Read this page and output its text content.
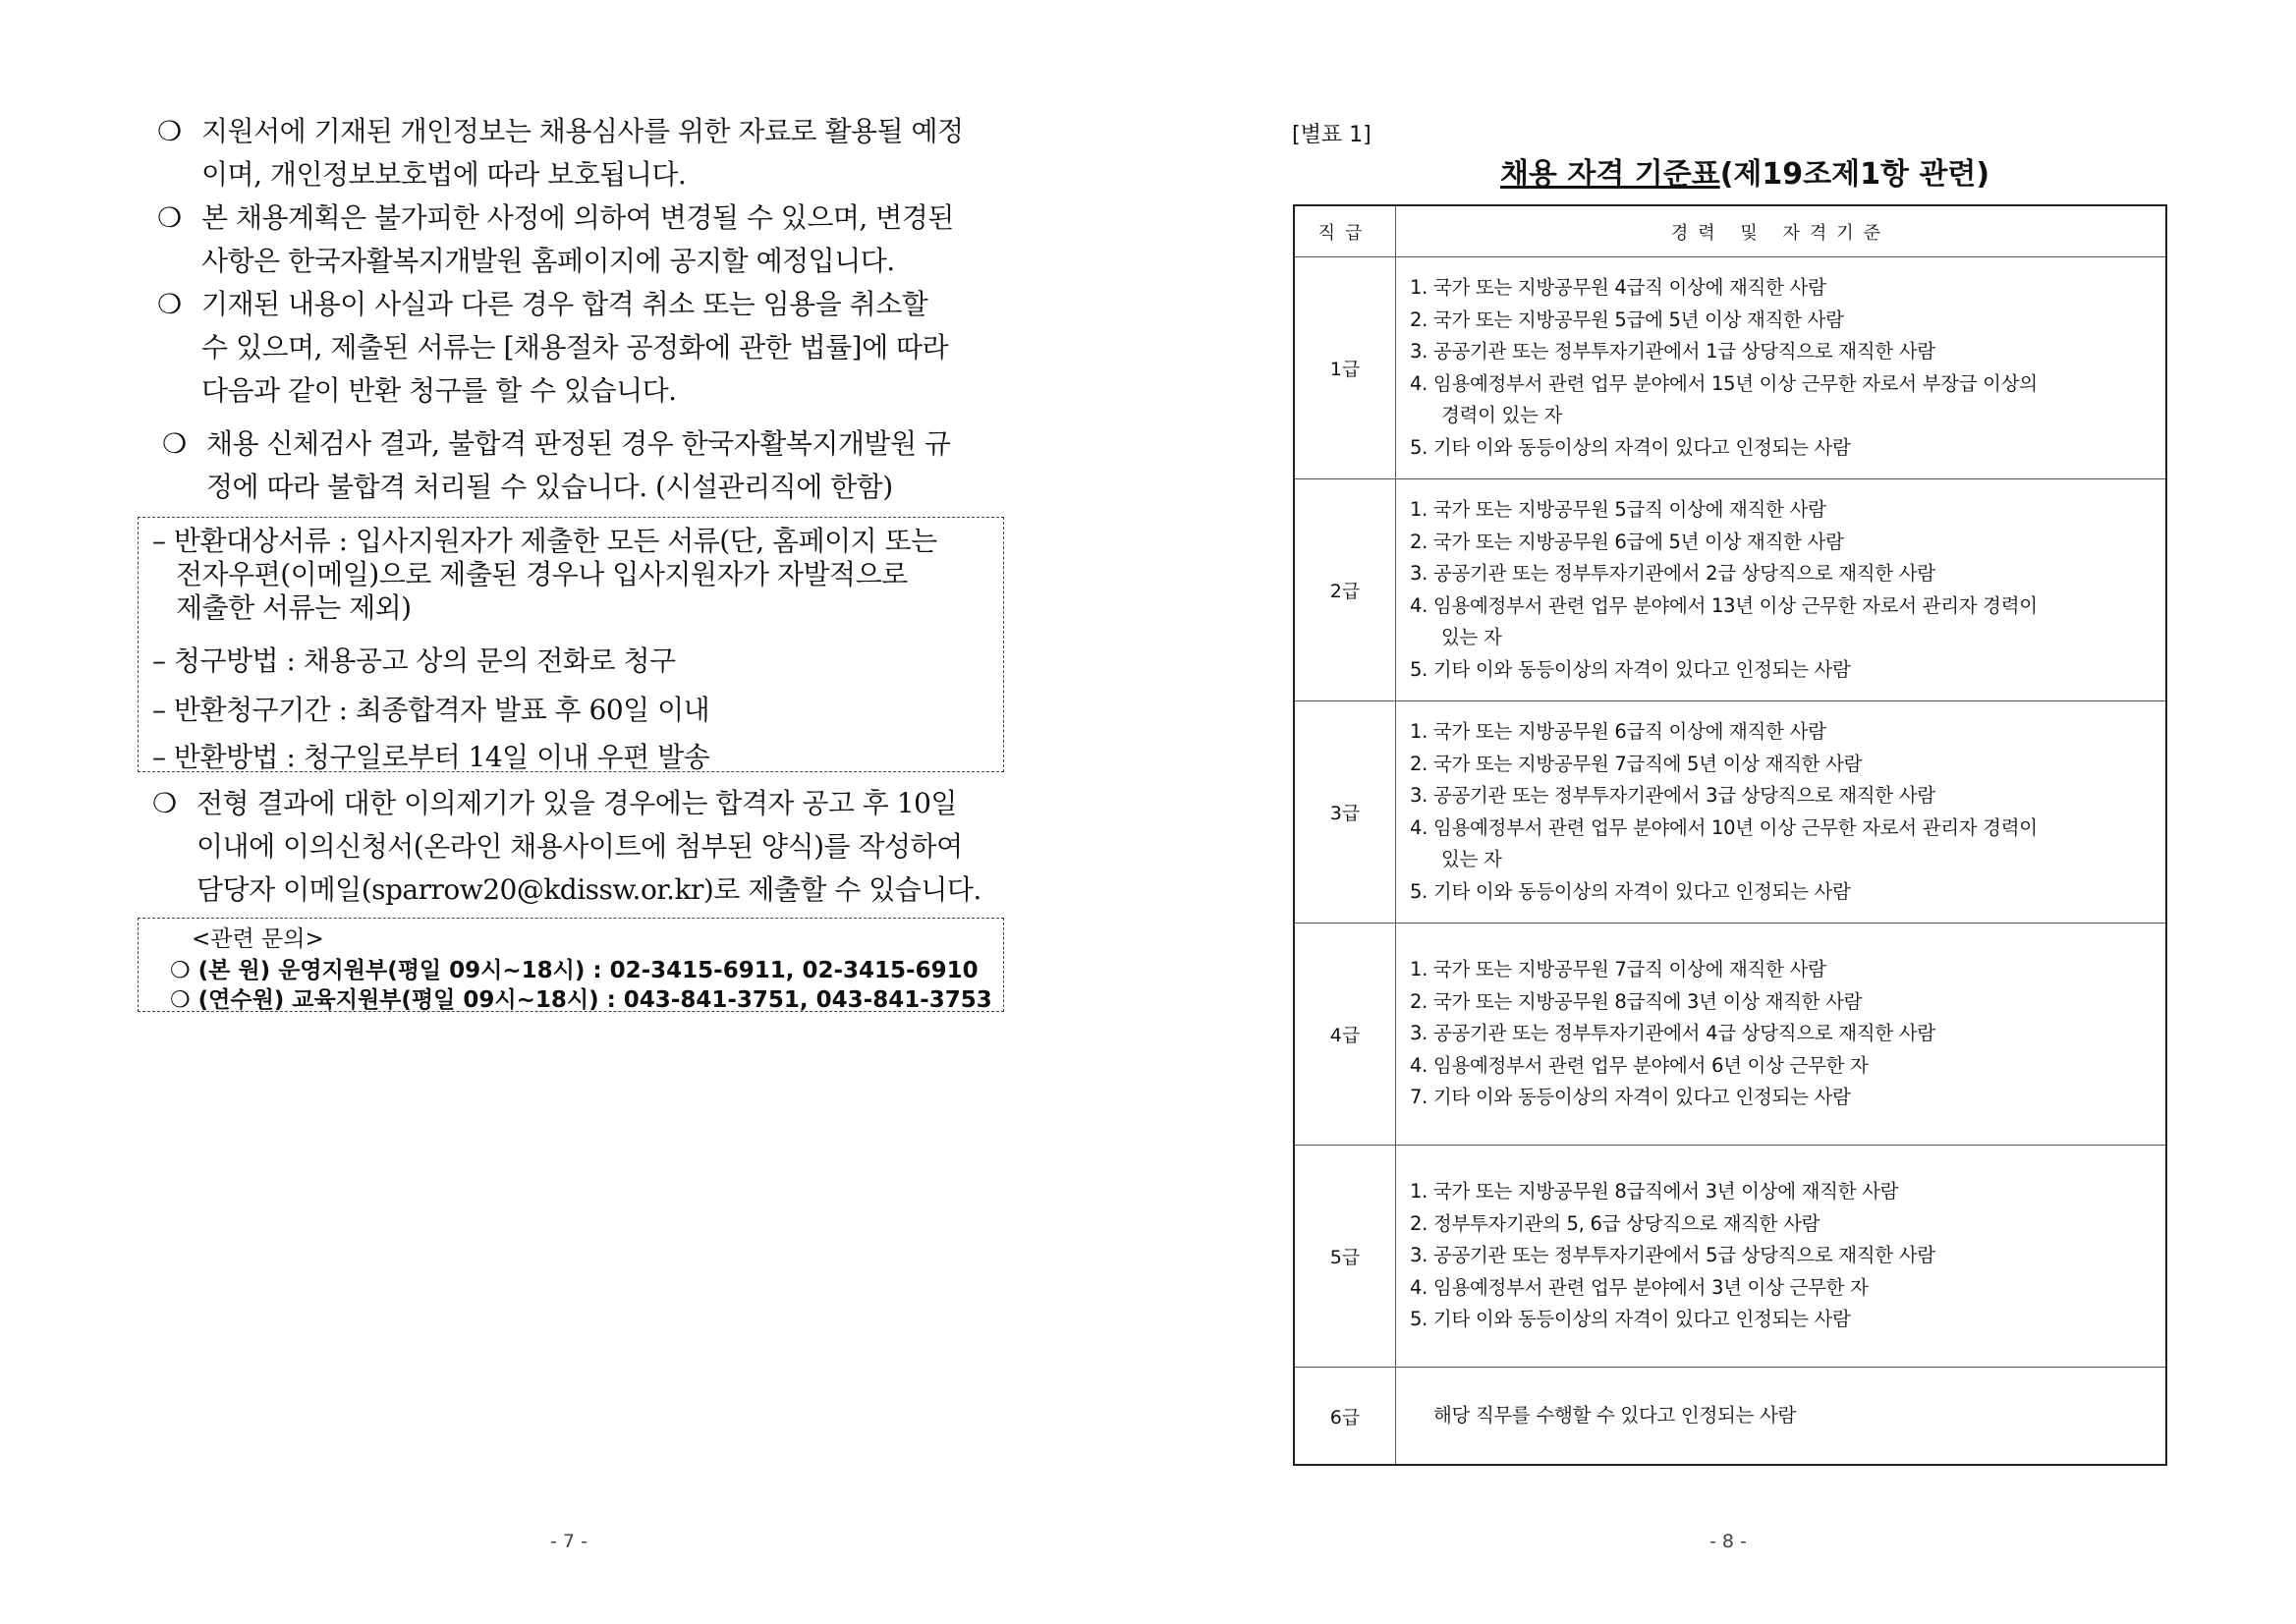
❍ 지원서에 기재된 개인정보는 채용심사를 위한 자료로 활용될 예정
이며, 개인정보보호법에 따라 보호됩니다.
❍ 본 채용계획은 불가피한 사정에 의하여 변경될 수 있으며, 변경된
사항은 한국자활복지개발원 홈페이지에 공지할 예정입니다.
❍ 기재된 내용이 사실과 다른 경우 합격 취소 또는 임용을 취소할
수 있으며, 제출된 서류는 [채용절차 공정화에 관한 법률]에 따라
다음과 같이 반환 청구를 할 수 있습니다.
❍ 채용 신체검사 결과, 불합격 판정된 경우 한국자활복지개발원 규
정에 따라 불합격 처리될 수 있습니다. (시설관리직에 한함)
– 반환대상서류 : 입사지원자가 제출한 모든 서류(단, 홈페이지 또는
전자우편(이메일)으로 제출된 경우나 입사지원자가 자발적으로
제출한 서류는 제외)
– 청구방법 : 채용공고 상의 문의 전화로 청구
– 반환청구기간 : 최종합격자 발표 후 60일 이내
– 반환방법 : 청구일로부터 14일 이내 우편 발송
❍ 전형 결과에 대한 이의제기가 있을 경우에는 합격자 공고 후 10일
이내에 이의신청서(온라인 채용사이트에 첨부된 양식)를 작성하여
담당자 이메일(sparrow20@kdissw.or.kr)로 제출할 수 있습니다.
<관련 문의>
❍ (본 원) 운영지원부(평일 09시~18시) : 02-3415-6911, 02-3415-6910
❍ (연수원) 교육지원부(평일 09시~18시) : 043-841-3751, 043-841-3753
- 7 -
[별표 1]
채용 자격 기준표(제19조제1항 관련)
직급	경력 및 자격기준
1급
1. 국가 또는 지방공무원 4급직 이상에 재직한 사람
2. 국가 또는 지방공무원 5급에 5년 이상 재직한 사람
3. 공공기관 또는 정부투자기관에서 1급 상당직으로 재직한 사람
4. 임용예정부서 관련 업무 분야에서 15년 이상 근무한 자로서 부장급 이상의
경력이 있는 자
5. 기타 이와 동등이상의 자격이 있다고 인정되는 사람
2급
1. 국가 또는 지방공무원 5급직 이상에 재직한 사람
2. 국가 또는 지방공무원 6급에 5년 이상 재직한 사람
3. 공공기관 또는 정부투자기관에서 2급 상당직으로 재직한 사람
4. 임용예정부서 관련 업무 분야에서 13년 이상 근무한 자로서 관리자 경력이
있는 자
5. 기타 이와 동등이상의 자격이 있다고 인정되는 사람
3급
1. 국가 또는 지방공무원 6급직 이상에 재직한 사람
2. 국가 또는 지방공무원 7급직에 5년 이상 재직한 사람
3. 공공기관 또는 정부투자기관에서 3급 상당직으로 재직한 사람
4. 임용예정부서 관련 업무 분야에서 10년 이상 근무한 자로서 관리자 경력이
있는 자
5. 기타 이와 동등이상의 자격이 있다고 인정되는 사람
4급
1. 국가 또는 지방공무원 7급직 이상에 재직한 사람
2. 국가 또는 지방공무원 8급직에 3년 이상 재직한 사람
3. 공공기관 또는 정부투자기관에서 4급 상당직으로 재직한 사람
4. 임용예정부서 관련 업무 분야에서 6년 이상 근무한 자
7. 기타 이와 동등이상의 자격이 있다고 인정되는 사람
5급
1. 국가 또는 지방공무원 8급직에서 3년 이상에 재직한 사람
2. 정부투자기관의 5, 6급 상당직으로 재직한 사람
3. 공공기관 또는 정부투자기관에서 5급 상당직으로 재직한 사람
4. 임용예정부서 관련 업무 분야에서 3년 이상 근무한 자
5. 기타 이와 동등이상의 자격이 있다고 인정되는 사람
6급	해당 직무를 수행할 수 있다고 인정되는 사람
- 8 -
